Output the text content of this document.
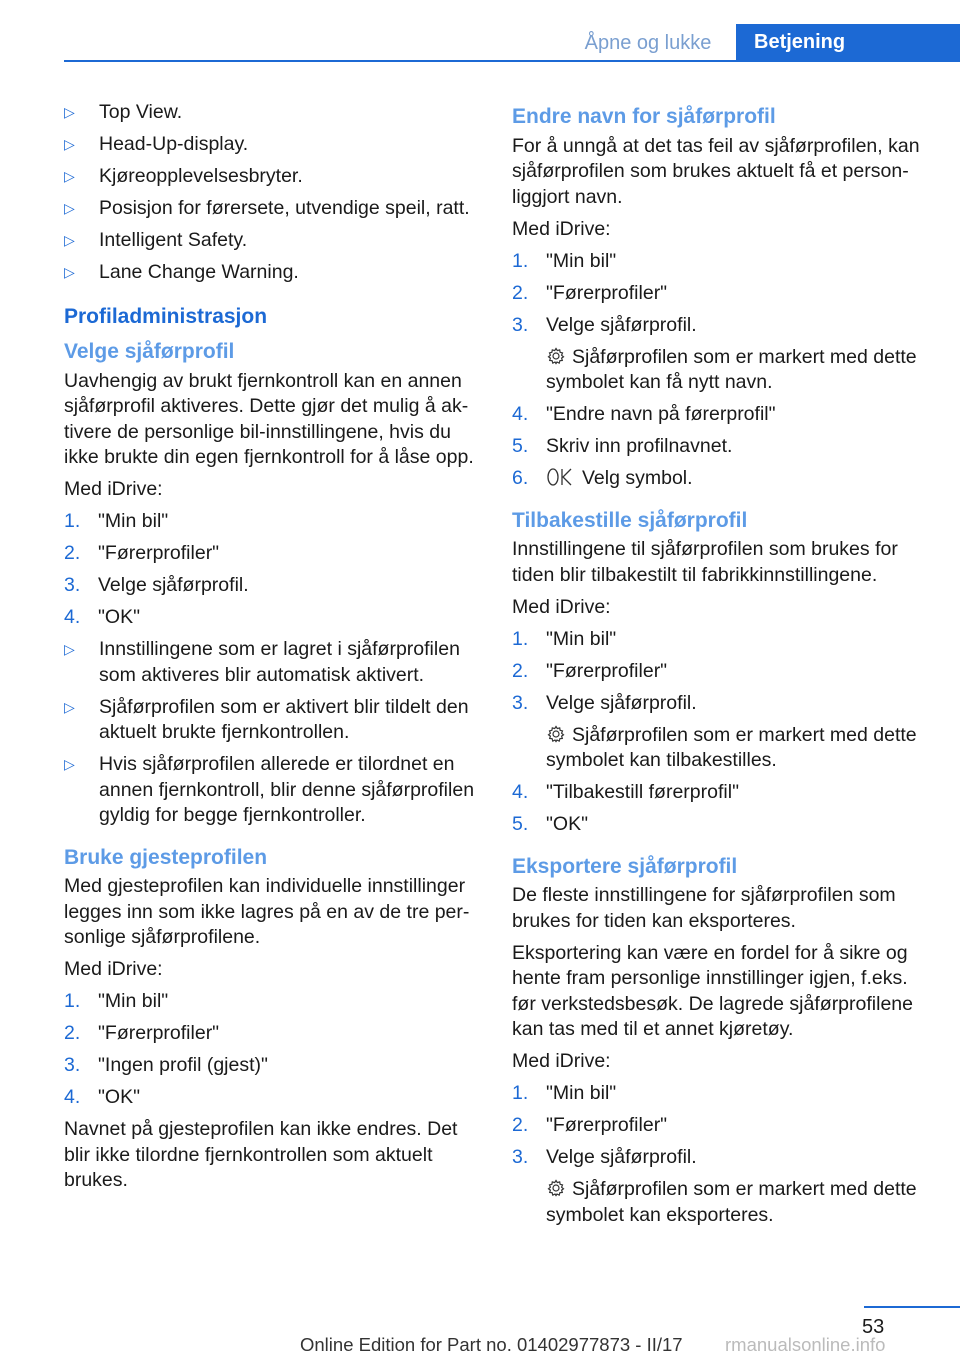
Åpne og lukke	Betjening
▷ Top View.
▷ Head-Up-display.
▷ Kjøreopplevelsesbryter.
▷ Posisjon for førersete, utvendige speil, ratt.
▷ Intelligent Safety.
▷ Lane Change Warning.
Profiladministrasjon
Velge sjåførprofil

Uavhengig av brukt fjernkontroll kan en annen sjåførprofil aktiveres. Dette gjør det mulig å aktivere de personlige bil-innstillingene, hvis du ikke brukte din egen fjernkontroll for å låse opp.

Med iDrive:

1. "Min bil"
2. "Førerprofiler"
3. Velge sjåførprofil.
4. "OK"
▷ Innstillingene som er lagret i sjåførprofilen som aktiveres blir automatisk aktivert.
▷ Sjåførprofilen som er aktivert blir tildelt den aktuelt brukte fjernkontrollen.
▷ Hvis sjåførprofilen allerede er tilordnet en annen fjernkontroll, blir denne sjåførprofilen gyldig for begge fjernkontroller.
Bruke gjesteprofilen

Med gjesteprofilen kan individuelle innstillinger legges inn som ikke lagres på en av de tre personlige sjåførprofilene.

Med iDrive:

1. "Min bil"
2. "Førerprofiler"
3. "Ingen profil (gjest)"
4. "OK"

Navnet på gjesteprofilen kan ikke endres. Det blir ikke tilordne fjernkontrollen som aktuelt brukes.

Endre navn for sjåførprofil

For å unngå at det tas feil av sjåførprofilen, kan sjåførprofilen som brukes aktuelt få et personliggjort navn.

Med iDrive:

1. "Min bil"
2. "Førerprofiler"
3. Velge sjåførprofil.
Sjåførprofilen som er markert med dette symbolet kan få nytt navn.
4. "Endre navn på førerprofil"
5. Skriv inn profilnavnet.
6.	Velg symbol.
Tilbakestille sjåførprofil

Innstillingene til sjåførprofilen som brukes for tiden blir tilbakestilt til fabrikkinnstillingene.

Med iDrive:

1. "Min bil"
2. "Førerprofiler"
3. Velge sjåførprofil.
Sjåførprofilen som er markert med dette symbolet kan tilbakestilles.
4. "Tilbakestill førerprofil"
5. "OK"
Eksportere sjåførprofil

De fleste innstillingene for sjåførprofilen som brukes for tiden kan eksporteres.

Eksportering kan være en fordel for å sikre og hente fram personlige innstillinger igjen, f.eks. før verkstedsbesøk. De lagrede sjåførprofilene kan tas med til et annet kjøretøy.

Med iDrive:

1. "Min bil"
2. "Førerprofiler"
3. Velge sjåførprofil.
Sjåførprofilen som er markert med dette symbolet kan eksporteres.
53
Online Edition for Part no. 01402977873 - II/17 rmanualsonline.info
